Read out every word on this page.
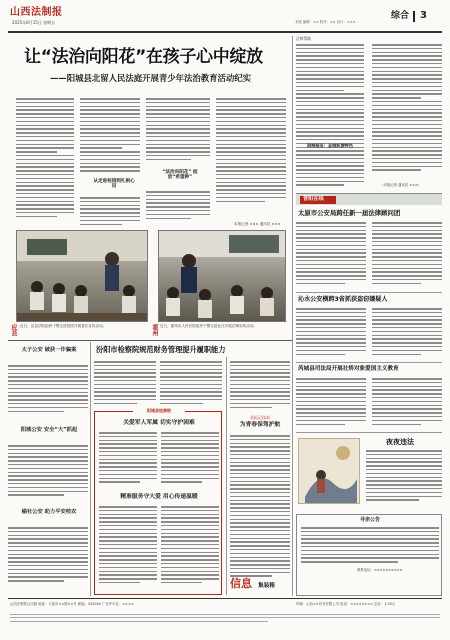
山西法制报
2025年8月15日 星期五	本版 编辑：×× 校对：×× 设计：×××
综合 3
让“法治向阳花”在孩子心中绽放
——阳城县北留人民法庭开展青少年法治教育活动纪实
从走进校园到扎根心田
“法治向阳花” 绽放“希望种”
本报记者 ××× 通讯员 ×××
应县 近日，应县法院组织干警走进校园开展普法宣传活动。	霍州 近日，霍州市人民法院组织干警走进社区开展法律宣传活动。
法律帮助
网格服务：金城秋游特色
（本报记者 通讯员 ×××）
晋阳在线
太原市公安局跨任新一届法律顾问团
沁水公安横跨3省抓获盗窃嫌疑人
芮城县司法局开展社矫对象爱国主义教育
夜夜违法
太子公安 破获一诈骗案
阳城公安 安全“大”抓起
榆社公安 助力平安校农
汾阳市检察院规范财务管理提升履职能力
阳城县检察院
关爱军人军属 切实守护困难
精准服务守大爱 用心传递温暖
从标记技术
为青春保驾护航
寻亲公告
联系电话：××××××××××
信息 集装箱
山西法制报社出版 地址：太原市××路××号 邮编：030000 广告许可证：××××	印刷：山西××印务有限公司 电话：×××××××× 定价：1.00元
